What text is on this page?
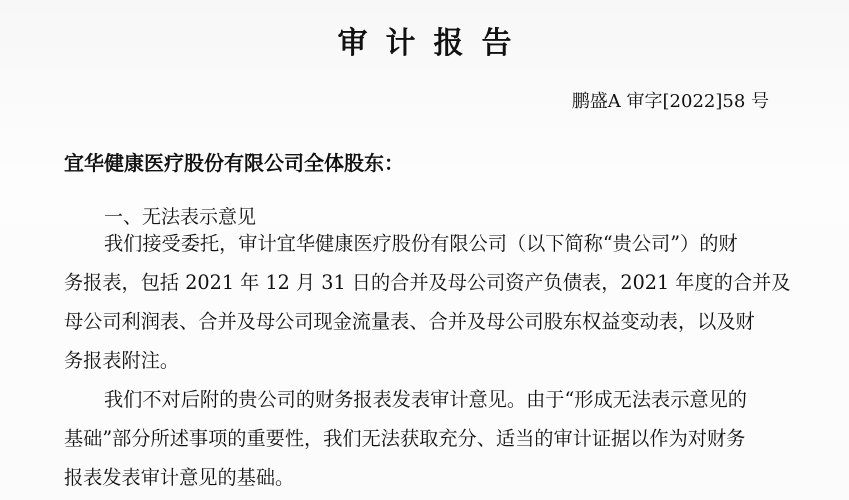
审计报告
鹏盛A 审字[2022]58 号
宜华健康医疗股份有限公司全体股东：
一、无法表示意见
我们接受委托，审计宜华健康医疗股份有限公司（以下简称“贵公司”）的财
务报表，包括 2021 年 12 月 31 日的合并及母公司资产负债表，2021 年度的合并及
母公司利润表、合并及母公司现金流量表、合并及母公司股东权益变动表，以及财
务报表附注。
我们不对后附的贵公司的财务报表发表审计意见。由于“形成无法表示意见的
基础”部分所述事项的重要性，我们无法获取充分、适当的审计证据以作为对财务
报表发表审计意见的基础。
